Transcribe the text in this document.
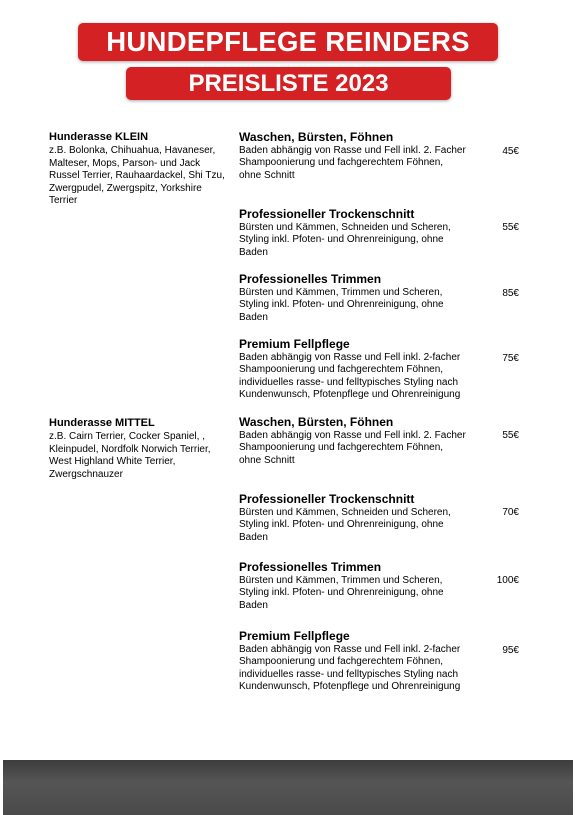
HUNDEPFLEGE REINDERS
PREISLISTE 2023
Hunderasse KLEIN
z.B. Bolonka, Chihuahua, Havaneser, Malteser, Mops, Parson- und Jack Russel Terrier, Rauhaardackel, Shi Tzu, Zwergpudel, Zwergspitz, Yorkshire Terrier
Waschen, Bürsten, Föhnen
Baden abhängig von Rasse und Fell inkl. 2. Facher Shampoonierung und fachgerechtem Föhnen, ohne Schnitt
45€
Professioneller Trockenschnitt
Bürsten und Kämmen, Schneiden und Scheren, Styling inkl. Pfoten- und Ohrenreinigung, ohne Baden
55€
Professionelles Trimmen
Bürsten und Kämmen, Trimmen und Scheren, Styling inkl. Pfoten- und Ohrenreinigung, ohne Baden
85€
Premium Fellpflege
Baden abhängig von Rasse und Fell inkl. 2-facher Shampoonierung und fachgerechtem Föhnen, individuelles rasse- und felltypisches Styling nach Kundenwunsch, Pfotenpflege und Ohrenreinigung
75€
Hunderasse MITTEL
z.B. Cairn Terrier, Cocker Spaniel, , Kleinpudel, Nordfolk Norwich Terrier, West Highland White Terrier, Zwergschnauzer
Waschen, Bürsten, Föhnen
Baden abhängig von Rasse und Fell inkl. 2. Facher Shampoonierung und fachgerechtem Föhnen, ohne Schnitt
55€
Professioneller Trockenschnitt
Bürsten und Kämmen, Schneiden und Scheren, Styling inkl. Pfoten- und Ohrenreinigung, ohne Baden
70€
Professionelles Trimmen
Bürsten und Kämmen, Trimmen und Scheren, Styling inkl. Pfoten- und Ohrenreinigung, ohne Baden
100€
Premium Fellpflege
Baden abhängig von Rasse und Fell inkl. 2-facher Shampoonierung und fachgerechtem Föhnen, individuelles rasse- und felltypisches Styling nach Kundenwunsch, Pfotenpflege und Ohrenreinigung
95€
